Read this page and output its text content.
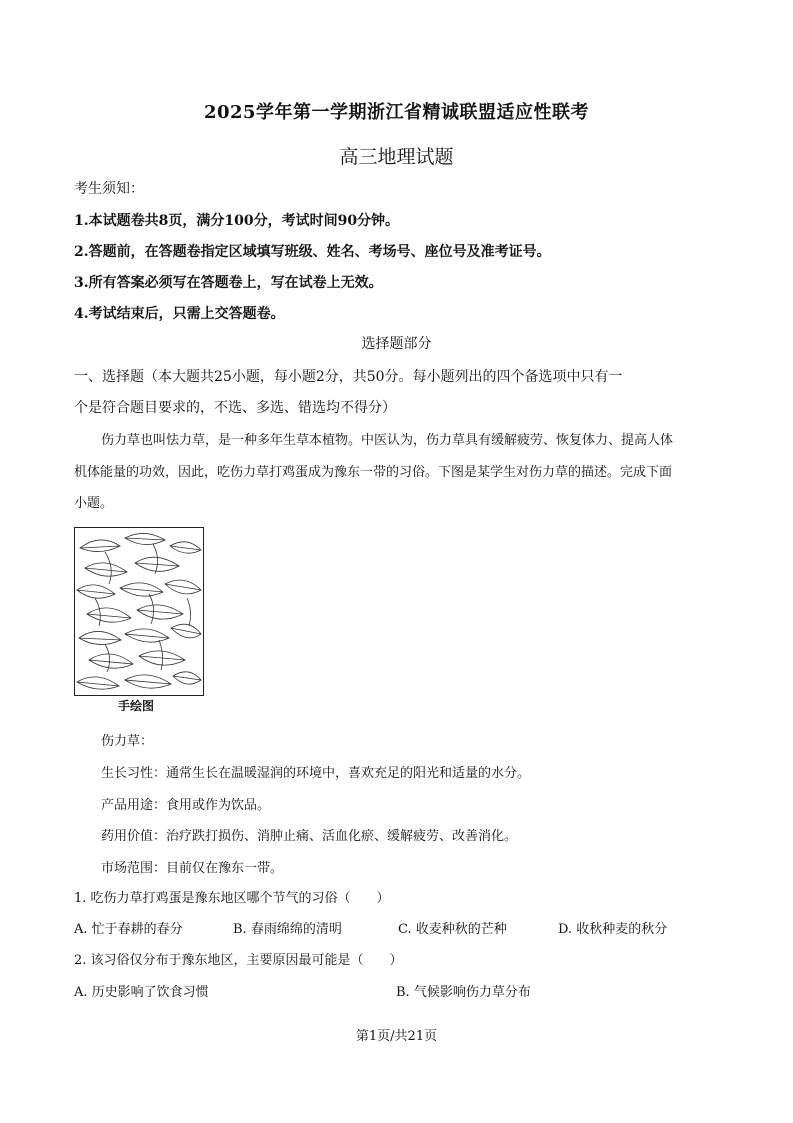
2025学年第一学期浙江省精诚联盟适应性联考
高三地理试题
考生须知：
1.本试题卷共8页，满分100分，考试时间90分钟。
2.答题前，在答题卷指定区域填写班级、姓名、考场号、座位号及准考证号。
3.所有答案必须写在答题卷上，写在试卷上无效。
4.考试结束后，只需上交答题卷。
选择题部分
一、选择题（本大题共25小题，每小题2分，共50分。每小题列出的四个备选项中只有一
个是符合题目要求的，不选、多选、错选均不得分）
伤力草也叫怯力草，是一种多年生草本植物。中医认为，伤力草具有缓解疲劳、恢复体力、提高人体
机体能量的功效，因此，吃伤力草打鸡蛋成为豫东一带的习俗。下图是某学生对伤力草的描述。完成下面
小题。
手绘图
伤力草：
生长习性：通常生长在温暖湿润的环境中，喜欢充足的阳光和适量的水分。
产品用途：食用或作为饮品。
药用价值：治疗跌打损伤、消肿止痛、活血化瘀、缓解疲劳、改善消化。
市场范围：目前仅在豫东一带。
1. 吃伤力草打鸡蛋是豫东地区哪个节气的习俗（　　）
A. 忙于春耕的春分	B. 春雨绵绵的清明	C. 收麦种秋的芒种	D. 收秋种麦的秋分
2. 该习俗仅分布于豫东地区，主要原因最可能是（　　）
A. 历史影响了饮食习惯	B. 气候影响伤力草分布
第1页/共21页
